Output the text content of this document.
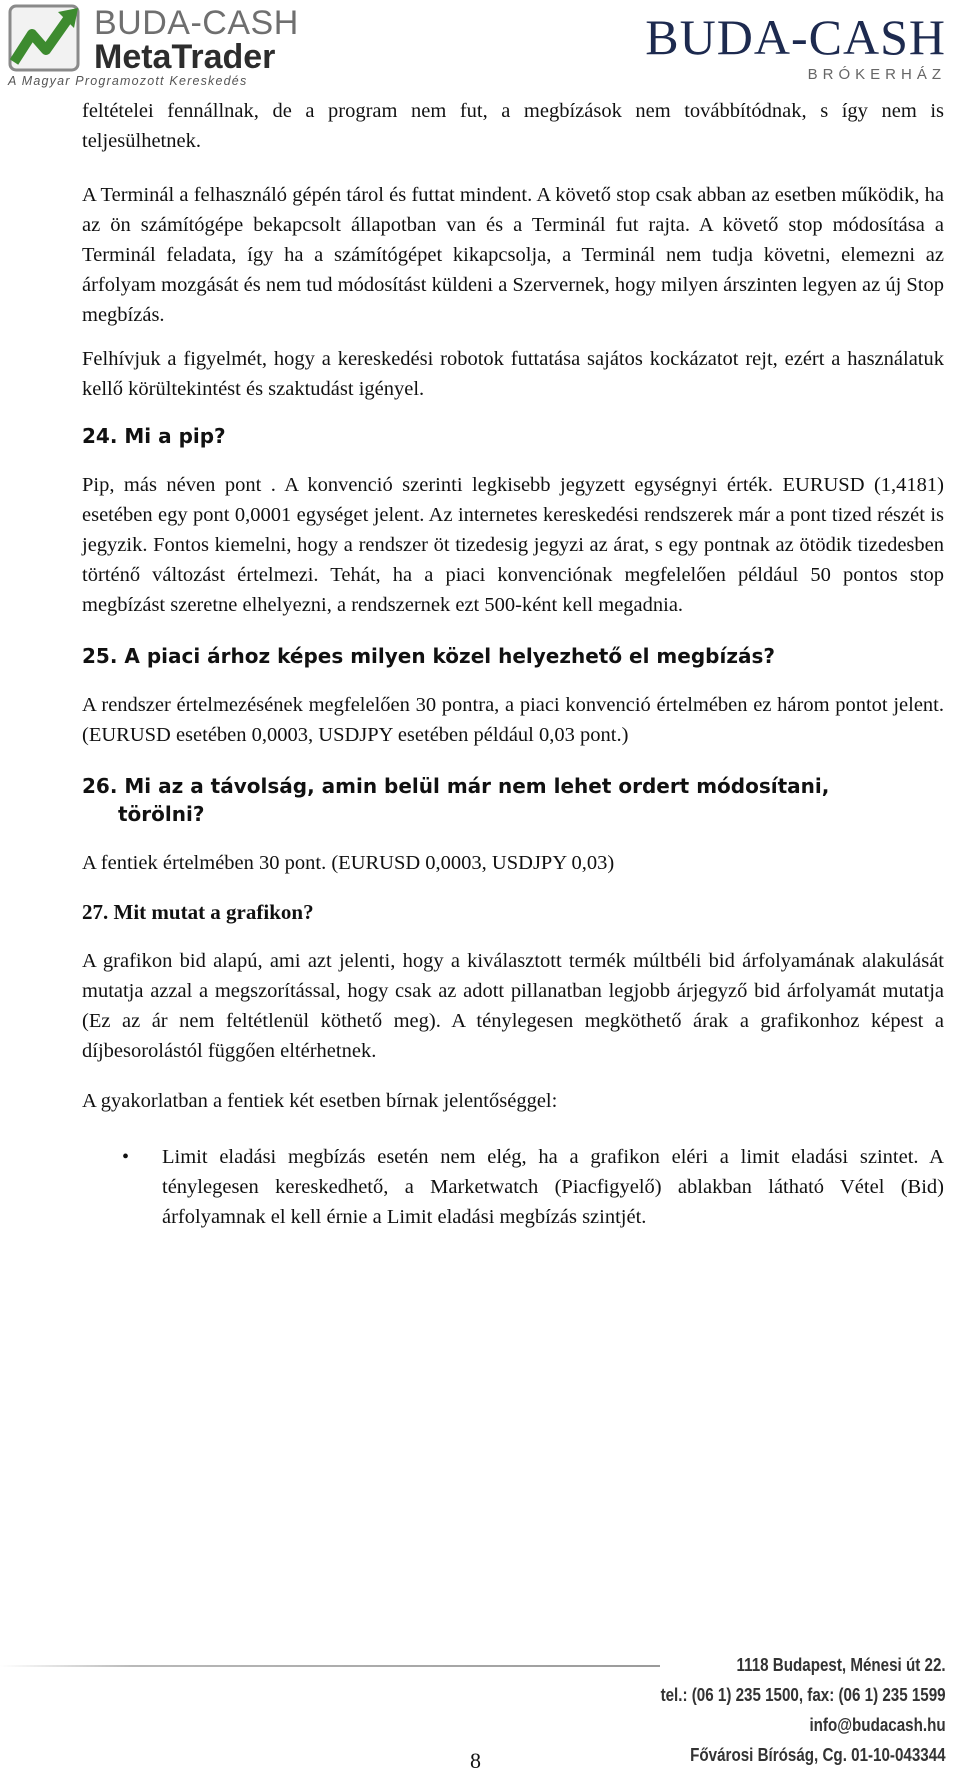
BUDA-CASH
MetaTrader
A Magyar Programozott Kereskedés
BUDA-CASH
BRÓKERHÁZ

feltételei fennállnak, de a program nem fut, a megbízások nem továbbítódnak, s így nem is teljesülhetnek.

A Terminál a felhasználó gépén tárol és futtat mindent. A követő stop csak abban az esetben működik, ha az ön számítógépe bekapcsolt állapotban van és a Terminál fut rajta. A követő stop módosítása a Terminál feladata, így ha a számítógépet kikapcsolja, a Terminál nem tudja követni, elemezni az árfolyam mozgását és nem tud módosítást küldeni a Szervernek, hogy milyen árszinten legyen az új Stop megbízás.

Felhívjuk a figyelmét, hogy a kereskedési robotok futtatása sajátos kockázatot rejt, ezért a használatuk kellő körültekintést és szaktudást igényel.

24. Mi a pip?

Pip, más néven pont . A konvenció szerinti legkisebb jegyzett egységnyi érték. EURUSD (1,4181) esetében egy pont 0,0001 egységet jelent. Az internetes kereskedési rendszerek már a pont tized részét is jegyzik. Fontos kiemelni, hogy a rendszer öt tizedesig jegyzi az árat, s egy pontnak az ötödik tizedesben történő változást értelmezi. Tehát, ha a piaci konvenciónak megfelelően például 50 pontos stop megbízást szeretne elhelyezni, a rendszernek ezt 500-ként kell megadnia.

25. A piaci árhoz képes milyen közel helyezhető el megbízás?

A rendszer értelmezésének megfelelően 30 pontra, a piaci konvenció értelmében ez három pontot jelent. (EURUSD esetében 0,0003, USDJPY esetében például 0,03 pont.)

26. Mi az a távolság, amin belül már nem lehet ordert módosítani,
törölni?

A fentiek értelmében 30 pont. (EURUSD 0,0003, USDJPY 0,03)

27. Mit mutat a grafikon?

A grafikon bid alapú, ami azt jelenti, hogy a kiválasztott termék múltbéli bid árfolyamának alakulását mutatja azzal a megszorítással, hogy csak az adott pillanatban legjobb árjegyző bid árfolyamát mutatja (Ez az ár nem feltétlenül köthető meg). A ténylegesen megköthető árak a grafikonhoz képest a díjbesorolástól függően eltérhetnek.

A gyakorlatban a fentiek két esetben bírnak jelentőséggel:

• Limit eladási megbízás esetén nem elég, ha a grafikon eléri a limit eladási szintet. A ténylegesen kereskedhető, a Marketwatch (Piacfigyelő) ablakban látható Vétel (Bid) árfolyamnak el kell érnie a Limit eladási megbízás szintjét.

1118 Budapest, Ménesi út 22.
tel.: (06 1) 235 1500, fax: (06 1) 235 1599
info@budacash.hu
Fővárosi Bíróság, Cg. 01-10-043344
8
